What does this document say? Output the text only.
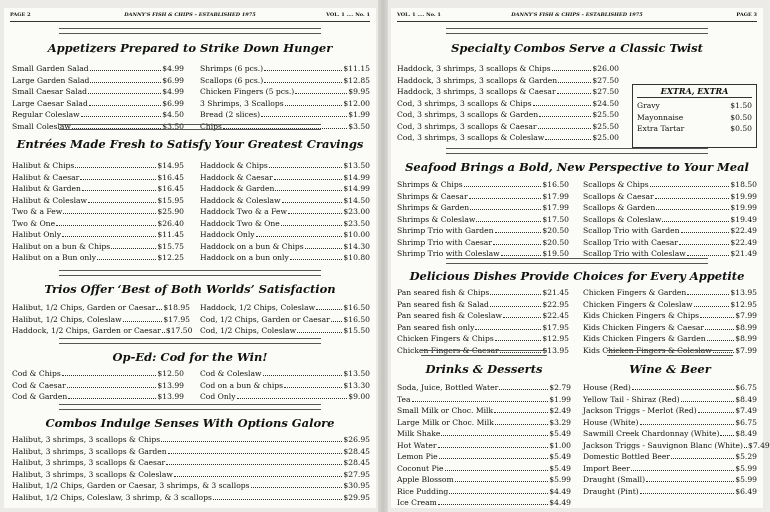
PAGE 2	DANNY'S FISH & CHIPS – ESTABLISHED 1975	VOL. 1 .... No. 1
Appetizers Prepared to Strike Down Hunger
Small Garden Salad	$4.99
Large Garden Salad	$6.99
Small Caesar Salad	$4.99
Large Caesar Salad	$6.99
Regular Coleslaw	$4.50
Small Coleslaw	$3.50
Shrimps (6 pcs.)	$11.15
Scallops (6 pcs.)	$12.85
Chicken Fingers (5 pcs.)	$9.95
3 Shrimps, 3 Scallops	$12.00
Bread (2 slices)	$1.99
Chips	$3.50
Entrées Made Fresh to Satisfy Your Greatest Cravings
Halibut & Chips	$14.95
Halibut & Caesar	$16.45
Halibut & Garden	$16.45
Halibut & Coleslaw	$15.95
Two & a Few	$25.90
Two & One	$26.40
Halibut Only	$11.45
Halibut on a bun & Chips	$15.75
Halibut on a Bun only	$12.25
Haddock & Chips	$13.50
Haddock & Caesar	$14.99
Haddock & Garden	$14.99
Haddock & Coleslaw	$14.50
Haddock Two & a Few	$23.00
Haddock Two & One	$23.50
Haddock Only	$10.00
Haddock on a bun & Chips	$14.30
Haddock on a bun only	$10.80
Trios Offer ‘Best of Both Worlds’ Satisfaction
Halibut, 1/2 Chips, Garden or Caesar $18.95
Halibut, 1/2 Chips, Coleslaw	$17.95
Haddock, 1/2 Chips, Garden or Caesar $17.50
Haddock, 1/2 Chips, Coleslaw	$16.50
Cod, 1/2 Chips, Garden or Caesar $16.50
Cod, 1/2 Chips, Coleslaw	$15.50
Op-Ed: Cod for the Win!
Cod & Chips	$12.50
Cod & Caesar	$13.99
Cod & Garden	$13.99
Cod & Coleslaw	$13.50
Cod on a bun & chips	$13.30
Cod Only	$9.00
Combos Indulge Senses With Options Galore
Halibut, 3 shrimps, 3 scallops & Chips	$26.95
Halibut, 3 shrimps, 3 scallops & Garden	$28.45
Halibut, 3 shrimps, 3 scallops & Caesar	$28.45
Halibut, 3 shrimps, 3 scallops & Coleslaw	$27.95
Halibut, 1/2 Chips, Garden or Caesar, 3 shrimps, & 3 scallops	$30.95
Halibut, 1/2 Chips, Coleslaw, 3 shrimp, & 3 scallops	$29.95
VOL. 1 .... No. 1	DANNY'S FISH & CHIPS – ESTABLISHED 1975	PAGE 3
Specialty Combos Serve a Classic Twist
Haddock, 3 shrimps, 3 scallops & Chips	$26.00
Haddock, 3 shrimps, 3 scallops & Garden	$27.50
Haddock, 3 shrimps, 3 scallops & Caesar	$27.50
Cod, 3 shrimps, 3 scallops & Chips	$24.50
Cod, 3 shrimps, 3 scallops & Garden	$25.50
Cod, 3 shrimps, 3 scallops & Caesar	$25.50
Cod, 3 shrimps, 3 scallops & Coleslaw	$25.00
EXTRA, EXTRA
Gravy	$1.50
Mayonnaise	$0.50
Extra Tartar	$0.50
Seafood Brings a Bold, New Perspective to Your Meal
Shrimps & Chips	$16.50
Shrimps & Caesar	$17.99
Shrimps & Garden	$17.99
Shrimps & Coleslaw	$17.50
Shrimp Trio with Garden	$20.50
Shrimp Trio with Caesar	$20.50
Shrimp Trio with Coleslaw	$19.50
Scallops & Chips	$18.50
Scallops & Caesar	$19.99
Scallops & Garden	$19.99
Scallops & Coleslaw	$19.49
Scallop Trio with Garden	$22.49
Scallop Trio with Caesar	$22.49
Scallop Trio with Coleslaw	$21.49
Delicious Dishes Provide Choices for Every Appetite
Pan seared fish & Chips	$21.45
Pan seared fish & Salad	$22.95
Pan seared fish & Coleslaw	$22.45
Pan seared fish only	$17.95
Chicken Fingers & Chips	$12.95
Chicken Fingers & Caesar	$13.95
Chicken Fingers & Garden	$13.95
Chicken Fingers & Coleslaw	$12.95
Kids Chicken Fingers & Chips	$7.99
Kids Chicken Fingers & Caesar	$8.99
Kids Chicken Fingers & Garden	$8.99
Kids Chicken Fingers & Coleslaw	$7.99
Drinks & Desserts
Soda, Juice, Bottled Water	$2.79
Tea	$1.99
Small Milk or Choc. Milk	$2.49
Large Milk or Choc. Milk	$3.29
Milk Shake	$5.49
Hot Water	$1.00
Lemon Pie	$5.49
Coconut Pie	$5.49
Apple Blossom	$5.99
Rice Pudding	$4.49
Ice Cream	$4.49
Wine & Beer
House (Red)	$6.75
Yellow Tail - Shiraz (Red)	$8.49
Jackson Triggs - Merlot (Red)	$7.49
House (White)	$6.75
Sawmill Creek Chardonnay (White) $8.49
Jackson Triggs - Sauvignon Blanc (White) $7.49
Domestic Bottled Beer	$5.29
Import Beer	$5.99
Draught (Small)	$5.99
Draught (Pint)	$6.49
